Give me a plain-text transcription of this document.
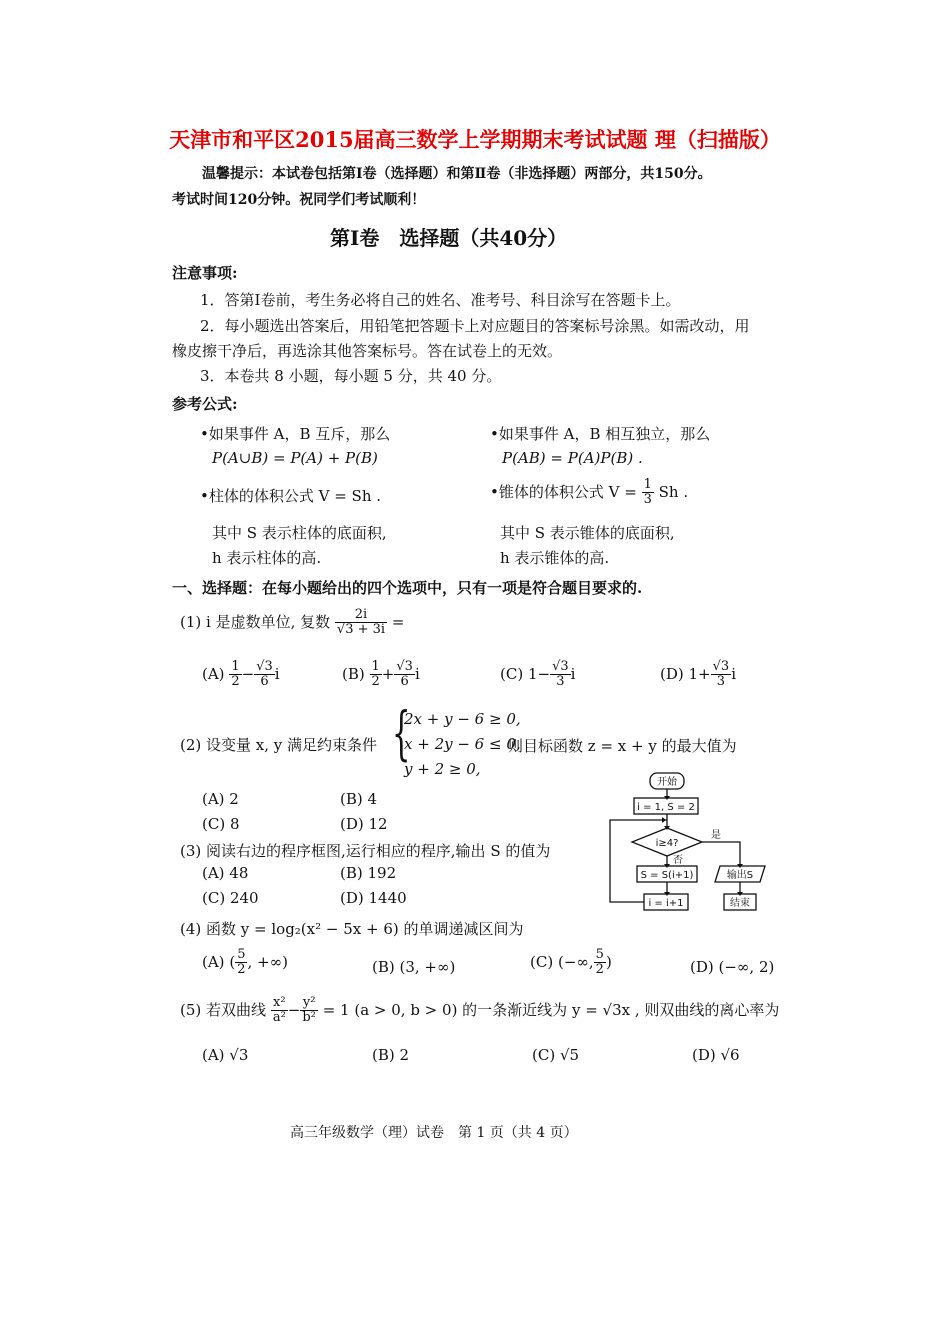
天津市和平区2015届高三数学上学期期末考试试题 理（扫描版）
温馨提示：本试卷包括第Ⅰ卷（选择题）和第Ⅱ卷（非选择题）两部分，共150分。
考试时间120分钟。祝同学们考试顺利！
第Ⅰ卷　选择题（共40分）
注意事项:
1．答第Ⅰ卷前，考生务必将自己的姓名、准考号、科目涂写在答题卡上。
2．每小题选出答案后，用铅笔把答题卡上对应题目的答案标号涂黑。如需改动，用
橡皮擦干净后，再选涂其他答案标号。答在试卷上的无效。
3．本卷共 8 小题，每小题 5 分，共 40 分。
参考公式:
•如果事件 A，B 互斥，那么
P(A∪B) = P(A) + P(B)
•如果事件 A，B 相互独立，那么
P(AB) = P(A)P(B) .
•柱体的体积公式 V = Sh .	•锥体的体积公式 $V = \frac{1}{3}$ Sh .
其中 S 表示柱体的底面积,
h 表示柱体的高.
其中 S 表示锥体的底面积,
h 表示锥体的高.
一、选择题：在每小题给出的四个选项中，只有一项是符合题目要求的.
(1) i 是虚数单位, 复数 $\frac{2i}{√3 + 3i}$ =
$(A) \frac{1}{2} - \frac{√3}{6}$ i	$(B) \frac{1}{2} + \frac{√3}{6}$ i	(C) $1- \frac{√3}{3}$ i	(D) $1+ \frac{√3}{3}$ i
(2) 设变量 x, y 满足约束条件 {
2x + y − 6 ≥ 0,
x + 2y − 6 ≤ 0,
y + 2 ≥ 0,
则目标函数 z = x + y 的最大值为
(A) 2	(B) 4
(C) 8	(D) 12
(3) 阅读右边的程序框图,运行相应的程序,输出 S 的值为
(A) 48	(B) 192
(C) 240	(D) 1440
开始
i = 1, S = 2
i≥4?
是
否
S = S(i+1)
i = i+1
输出S
结束
(4) 函数 y = log₂(x² − 5x + 6) 的单调递减区间为
(A) ( $\frac{5}{2}$ , +∞)	(B) (3, +∞)	(C) (−∞, $\frac{5}{2}$ )	(D) (−∞, 2)
(5) 若双曲线 $\frac{\text{x²}}{\text{a²}} - \frac{\text{y²}}{\text{b²}} = 1$ (a > 0, b > 0) 的一条渐近线为 y = √3x , 则双曲线的离心率为
(A) √3	(B) 2	(C) √5	(D) √6
高三年级数学（理）试卷　第 1 页（共 4 页）
